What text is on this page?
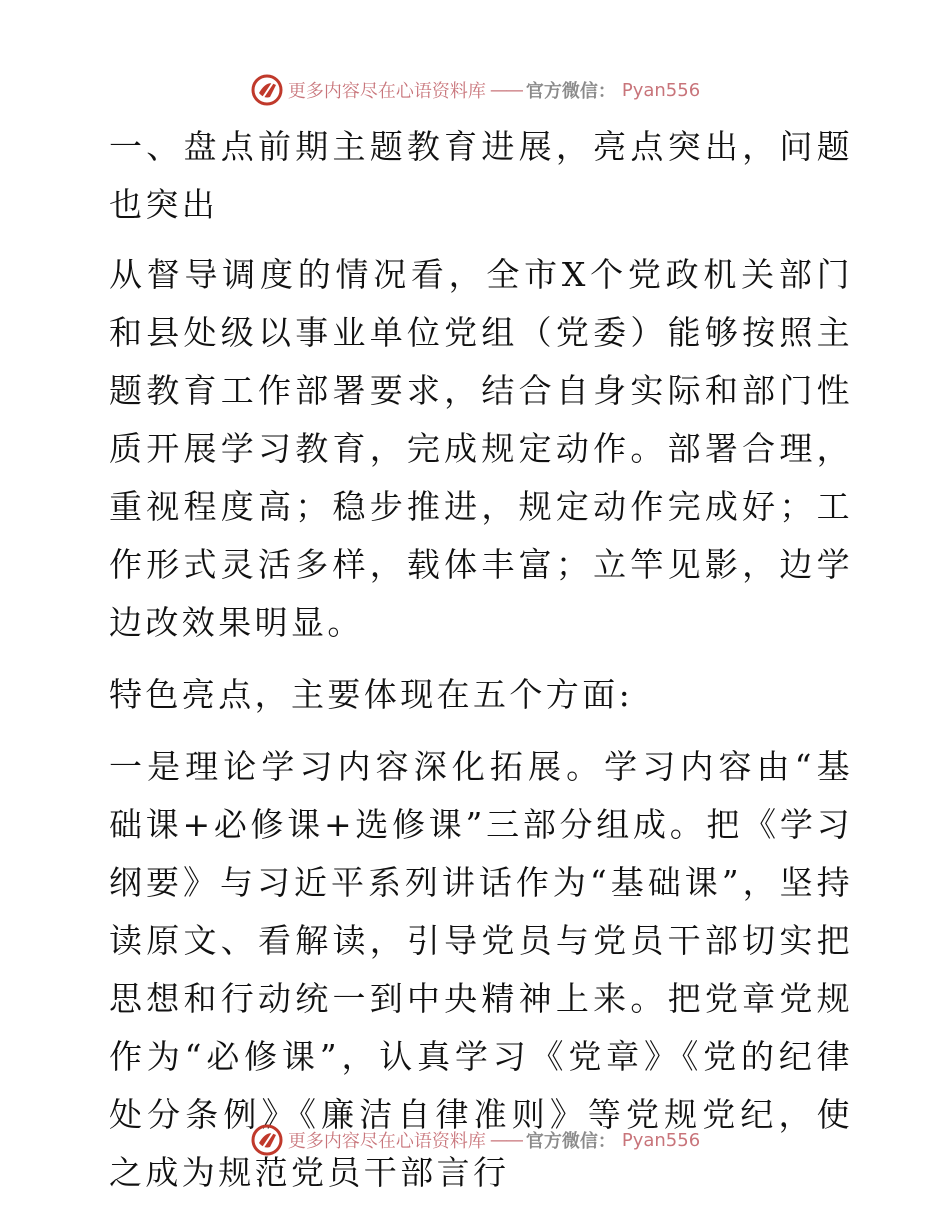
更多内容尽在心语资料库 —— 官方微信： Pyan556

一、盘点前期主题教育进展，亮点突出，问题也突出

从督导调度的情况看，全市X个党政机关部门和县处级以事业单位党组（党委）能够按照主题教育工作部署要求，结合自身实际和部门性质开展学习教育，完成规定动作。部署合理，重视程度高；稳步推进，规定动作完成好；工作形式灵活多样，载体丰富；立竿见影，边学边改效果明显。

特色亮点，主要体现在五个方面:

一是理论学习内容深化拓展。学习内容由“基础课+必修课+选修课”三部分组成。把《学习纲要》与习近平系列讲话作为“基础课”，坚持读原文、看解读，引导党员与党员干部切实把思想和行动统一到中央精神上来。把党章党规作为“必修课”，认真学习《党章》《党的纪律处分条例》《廉洁自律准则》等党规党纪，使之成为规范党员干部言行

更多内容尽在心语资料库 —— 官方微信： Pyan556
